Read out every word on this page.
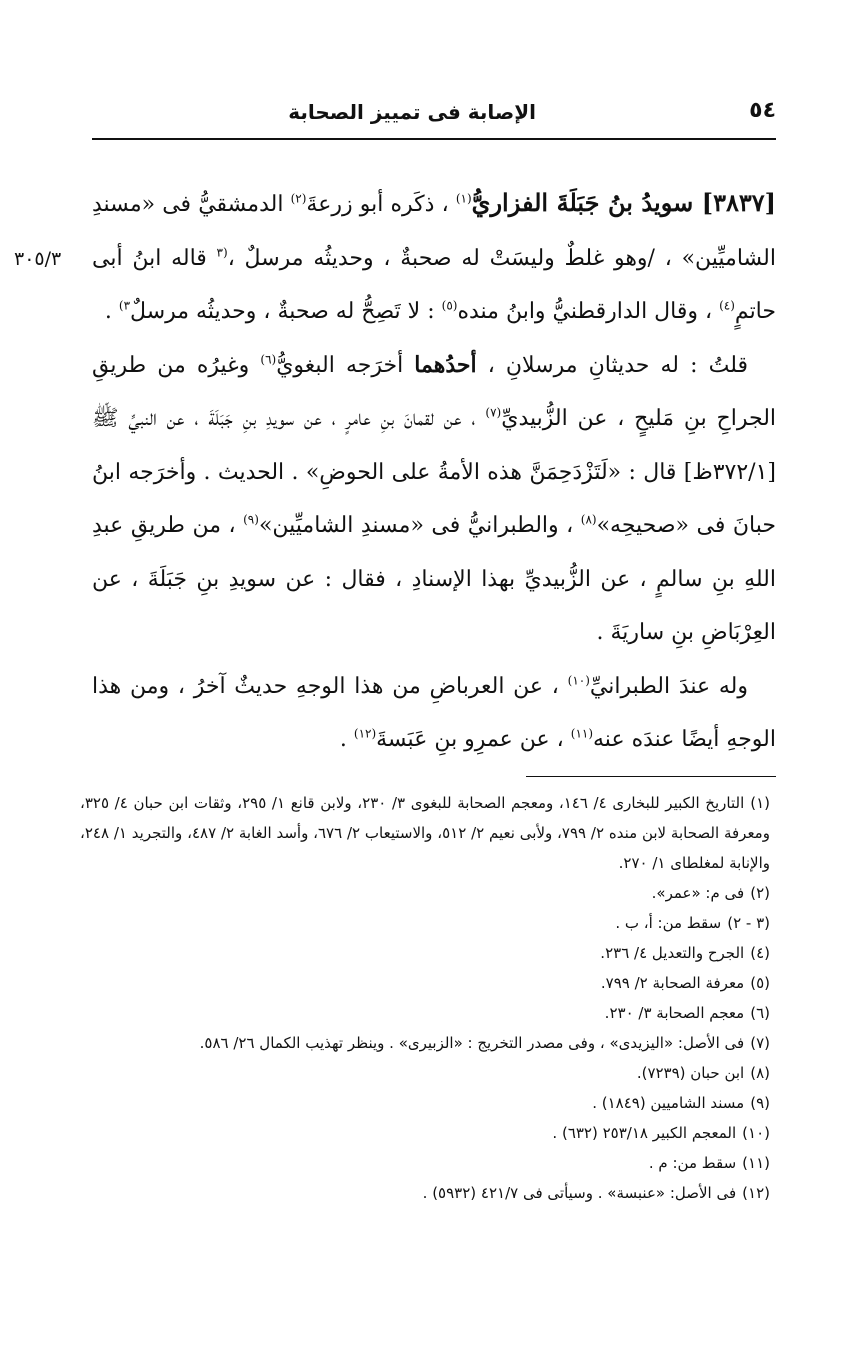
٥٤
الإصابة فى تمييز الصحابة
٣٠٥/٣

[٣٨٣٧] سويدُ بنُ جَبَلَةَ الفزاريُّ$^{(١)}$ ، ذكَره أبو زرعةَ$^{(٢)}$ الدمشقيُّ فى «مسندِ الشاميِّين» ، /وهو غلطٌ وليسَتْ له صحبةٌ ، وحديثُه مرسلٌ ،$^{(٣}$ قاله ابنُ أبى حاتمٍ$^{(٤)}$ ، وقال الدارقطنيُّ وابنُ منده$^{(٥)}$ : لا تَصِحُّ له صحبةٌ ، وحديثُه مرسلٌ$^{٣)}$ .

قلتُ : له حديثانِ مرسلانِ ، أحدُهما أخرَجه البغويُّ$^{(٦)}$ وغيرُه من طريقِ الجراحِ بنِ مَليحٍ ، عن الزُّبيديِّ$^{(٧)}$ ، عن لقمانَ بنِ عامرٍ ، عن سويدِ بنِ جَبَلَةَ ، عن النبيِّ ﷺ [٣٧٢/١ظ] قال : «لَتَزْدَحِمَنَّ هذه الأمةُ على الحوضِ» . الحديث . وأخرَجه ابنُ حبانَ فى «صحيحِه»$^{(٨)}$ ، والطبرانيُّ فى «مسندِ الشاميِّين»$^{(٩)}$ ، من طريقِ عبدِ اللهِ بنِ سالمٍ ، عن الزُّبيديِّ بهذا الإسنادِ ، فقال : عن سويدِ بنِ جَبَلَةَ ، عن العِرْبَاضِ بنِ ساريَةَ .

وله عندَ الطبرانيِّ$^{(١٠)}$ ، عن العرباضِ من هذا الوجهِ حديثٌ آخرُ ، ومن هذا الوجهِ أيضًا عندَه عنه$^{(١١)}$ ، عن عمرِو بنِ عَبَسةَ$^{(١٢)}$ .

(١)التاريخ الكبير للبخارى ٤/ ١٤٦، ومعجم الصحابة للبغوى ٣/ ٢٣٠، ولابن قانع ١/ ٢٩٥، وثقات ابن حبان ٤/ ٣٢٥، ومعرفة الصحابة لابن منده ٢/ ٧٩٩، ولأبى نعيم ٢/ ٥١٢، والاستيعاب ٢/ ٦٧٦، وأسد الغابة ٢/ ٤٨٧، والتجريد ١/ ٢٤٨، والإنابة لمغلطاى ١/ ٢٧٠.

(٢)فى م: «عمر».

(٣ - ٢)سقط من: أ، ب .

(٤)الجرح والتعديل ٤/ ٢٣٦.

(٥)معرفة الصحابة ٢/ ٧٩٩.

(٦)معجم الصحابة ٣/ ٢٣٠.

(٧)فى الأصل: «اليزيدى» ، وفى مصدر التخريج : «الزبيرى» . وينظر تهذيب الكمال ٢٦/ ٥٨٦.

(٨)ابن حبان (٧٢٣٩).

(٩)مسند الشاميين (١٨٤٩) .

(١٠)المعجم الكبير ٢٥٣/١٨ (٦٣٢) .

(١١)سقط من: م .

(١٢)فى الأصل: «عنبسة» . وسيأتى فى ٤٢١/٧ (٥٩٣٢) .
